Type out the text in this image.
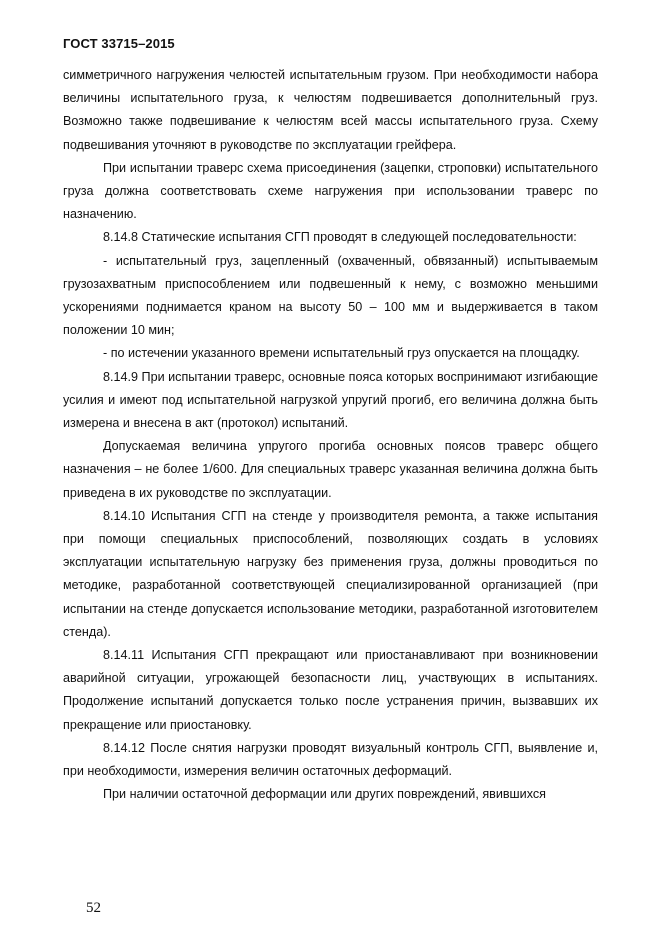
ГОСТ 33715–2015

симметричного нагружения челюстей испытательным грузом. При необходимости набора величины испытательного груза, к челюстям подвешивается дополнительный груз. Возможно также подвешивание к челюстям всей массы испытательного груза. Схему подвешивания уточняют в руководстве по эксплуатации грейфера.

При испытании траверс схема присоединения (зацепки, строповки) испытательного груза должна соответствовать схеме нагружения при использовании траверс по назначению.

8.14.8 Статические испытания СГП проводят в следующей последовательности:

- испытательный груз, зацепленный (охваченный, обвязанный) испытываемым грузозахватным приспособлением или подвешенный к нему, с возможно меньшими ускорениями поднимается краном на высоту 50 – 100 мм и выдерживается в таком положении 10 мин;

- по истечении указанного времени испытательный груз опускается на площадку.

8.14.9 При испытании траверс, основные пояса которых воспринимают изгибающие усилия и имеют под испытательной нагрузкой упругий прогиб, его величина должна быть измерена и внесена в акт (протокол) испытаний.

Допускаемая величина упругого прогиба основных поясов траверс общего назначения – не более 1/600. Для специальных траверс указанная величина должна быть приведена в их руководстве по эксплуатации.

8.14.10 Испытания СГП на стенде у производителя ремонта, а также испытания при помощи специальных приспособлений, позволяющих создать в условиях эксплуатации испытательную нагрузку без применения груза, должны проводиться по методике, разработанной соответствующей специализированной организацией (при испытании на стенде допускается использование методики, разработанной изготовителем стенда).

8.14.11 Испытания СГП прекращают или приостанавливают при возникновении аварийной ситуации, угрожающей безопасности лиц, участвующих в испытаниях. Продолжение испытаний допускается только после устранения причин, вызвавших их прекращение или приостановку.

8.14.12 После снятия нагрузки проводят визуальный контроль СГП, выявление и, при необходимости, измерения величин остаточных деформаций.

При наличии остаточной деформации или других повреждений, явившихся

52
